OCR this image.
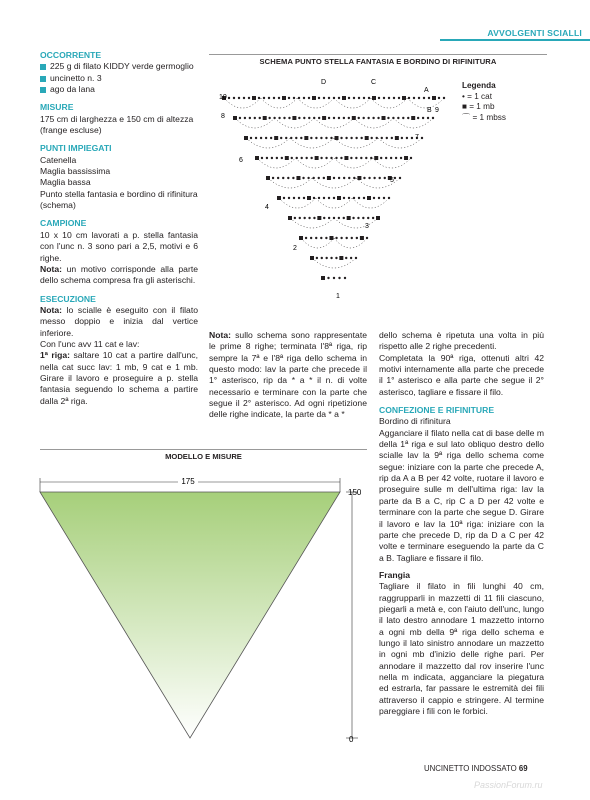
AVVOLGENTI SCIALLI
OCCORRENTE
225 g di filato KIDDY verde germoglio
uncinetto n. 3
ago da lana
MISURE

175 cm di larghezza e 150 cm di altezza (frange escluse)

PUNTI IMPIEGATI
Catenella
Maglia bassissima
Maglia bassa
Punto stella fantasia e bordino di rifinitura (schema)
CAMPIONE

10 x 10 cm lavorati a p. stella fantasia con l'unc n. 3 sono pari a 2,5, motivi e 6 righe.

Nota: un motivo corrisponde alla parte dello schema compresa fra gli asterischi.

ESECUZIONE

Nota: lo scialle è eseguito con il filato messo doppio e inizia dal vertice inferiore.

Con l'unc avv 11 cat e lav:

1ª riga: saltare 10 cat a partire dall'unc, nella cat succ lav: 1 mb, 9 cat e 1 mb. Girare il lavoro e proseguire a p. stella fantasia seguendo lo schema a partire dalla 2ª riga.

SCHEMA PUNTO STELLA FANTASIA E BORDINO DI RIFINITURA
10
8
6
4
2
9
7
5
3
1
D	C
A
B
Legenda
• = 1 cat
■ = 1 mb
⌒ = 1 mbss

Nota: sullo schema sono rappresentate le prime 8 righe; terminata l'8ª riga, rip sempre la 7ª e l'8ª riga dello schema in questo modo: lav la parte che precede il 1° asterisco, rip da * a * il n. di volte necessario e terminare con la parte che segue il 2° asterisco. Ad ogni ripetizione delle righe indicate, la parte da * a *

dello schema è ripetuta una volta in più rispetto alle 2 righe precedenti.

Completata la 90ª riga, ottenuti altri 42 motivi internamente alla parte che precede il 1° asterisco e alla parte che segue il 2° asterisco, tagliare e fissare il filo.

CONFEZIONE E RIFINITURE

Bordino di rifinitura

Agganciare il filato nella cat di base delle m della 1ª riga e sul lato obliquo destro dello scialle lav la 9ª riga dello schema come segue: iniziare con la parte che precede A, rip da A a B per 42 volte, ruotare il lavoro e proseguire sulle m dell'ultima riga: lav la parte da B a C, rip C a D per 42 volte e terminare con la parte che segue D. Girare il lavoro e lav la 10ª riga: iniziare con la parte che precede D, rip da D a C per 42 volte e terminare eseguendo la parte da C a B. Tagliare e fissare il filo.

Frangia

Tagliare il filato in fili lunghi 40 cm, raggrupparli in mazzetti di 11 fili ciascuno, piegarli a metà e, con l'aiuto dell'unc, lungo il lato destro annodare 1 mazzetto intorno a ogni mb della 9ª riga dello schema e lungo il lato sinistro annodare un mazzetto in ogni mb d'inizio delle righe pari. Per annodare il mazzetto dal rov inserire l'unc nella m indicata, agganciare la piegatura ed estrarla, far passare le estremità dei fili attraverso il cappio e stringere. Al termine pareggiare i fili con le forbici.

MODELLO E MISURE
175
150
0
UNCINETTO INDOSSATO 69
PassionForum.ru
